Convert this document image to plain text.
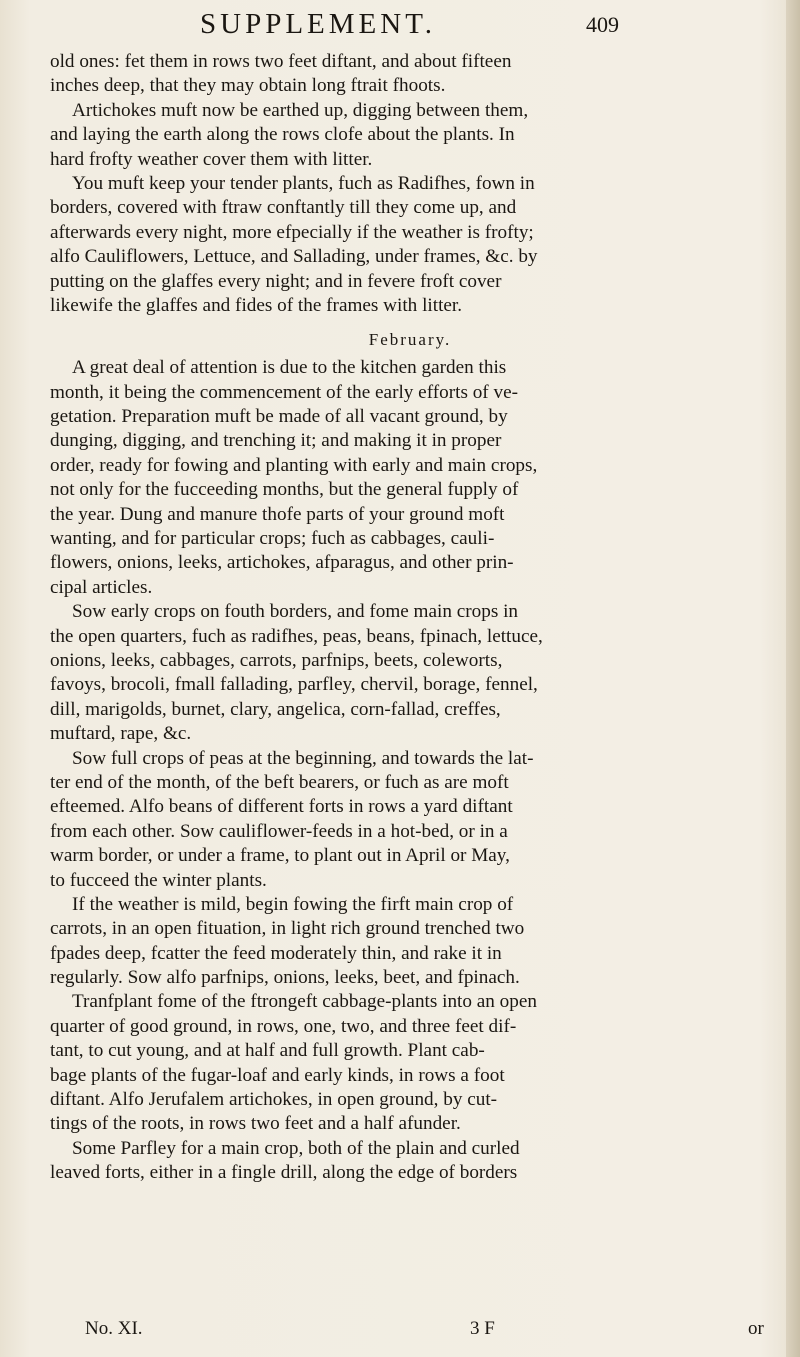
SUPPLEMENT.	409
old ones: fet them in rows two feet diftant, and about fifteen
inches deep, that they may obtain long ftrait fhoots.
Artichokes muft now be earthed up, digging between them,
and laying the earth along the rows clofe about the plants. In
hard frofty weather cover them with litter.
You muft keep your tender plants, fuch as Radifhes, fown in
borders, covered with ftraw conftantly till they come up, and
afterwards every night, more efpecially if the weather is frofty;
alfo Cauliflowers, Lettuce, and Sallading, under frames, &c. by
putting on the glaffes every night; and in fevere froft cover
likewife the glaffes and fides of the frames with litter.
February.
A great deal of attention is due to the kitchen garden this
month, it being the commencement of the early efforts of ve-
getation. Preparation muft be made of all vacant ground, by
dunging, digging, and trenching it; and making it in proper
order, ready for fowing and planting with early and main crops,
not only for the fucceeding months, but the general fupply of
the year. Dung and manure thofe parts of your ground moft
wanting, and for particular crops; fuch as cabbages, cauli-
flowers, onions, leeks, artichokes, afparagus, and other prin-
cipal articles.
Sow early crops on fouth borders, and fome main crops in
the open quarters, fuch as radifhes, peas, beans, fpinach, lettuce,
onions, leeks, cabbages, carrots, parfnips, beets, coleworts,
favoys, brocoli, fmall fallading, parfley, chervil, borage, fennel,
dill, marigolds, burnet, clary, angelica, corn-fallad, creffes,
muftard, rape, &c.
Sow full crops of peas at the beginning, and towards the lat-
ter end of the month, of the beft bearers, or fuch as are moft
efteemed. Alfo beans of different forts in rows a yard diftant
from each other. Sow cauliflower-feeds in a hot-bed, or in a
warm border, or under a frame, to plant out in April or May,
to fucceed the winter plants.
If the weather is mild, begin fowing the firft main crop of
carrots, in an open fituation, in light rich ground trenched two
fpades deep, fcatter the feed moderately thin, and rake it in
regularly. Sow alfo parfnips, onions, leeks, beet, and fpinach.
Tranfplant fome of the ftrongeft cabbage-plants into an open
quarter of good ground, in rows, one, two, and three feet dif-
tant, to cut young, and at half and full growth. Plant cab-
bage plants of the fugar-loaf and early kinds, in rows a foot
diftant. Alfo Jerufalem artichokes, in open ground, by cut-
tings of the roots, in rows two feet and a half afunder.
Some Parfley for a main crop, both of the plain and curled
leaved forts, either in a fingle drill, along the edge of borders
No. XI.	3 F	or
